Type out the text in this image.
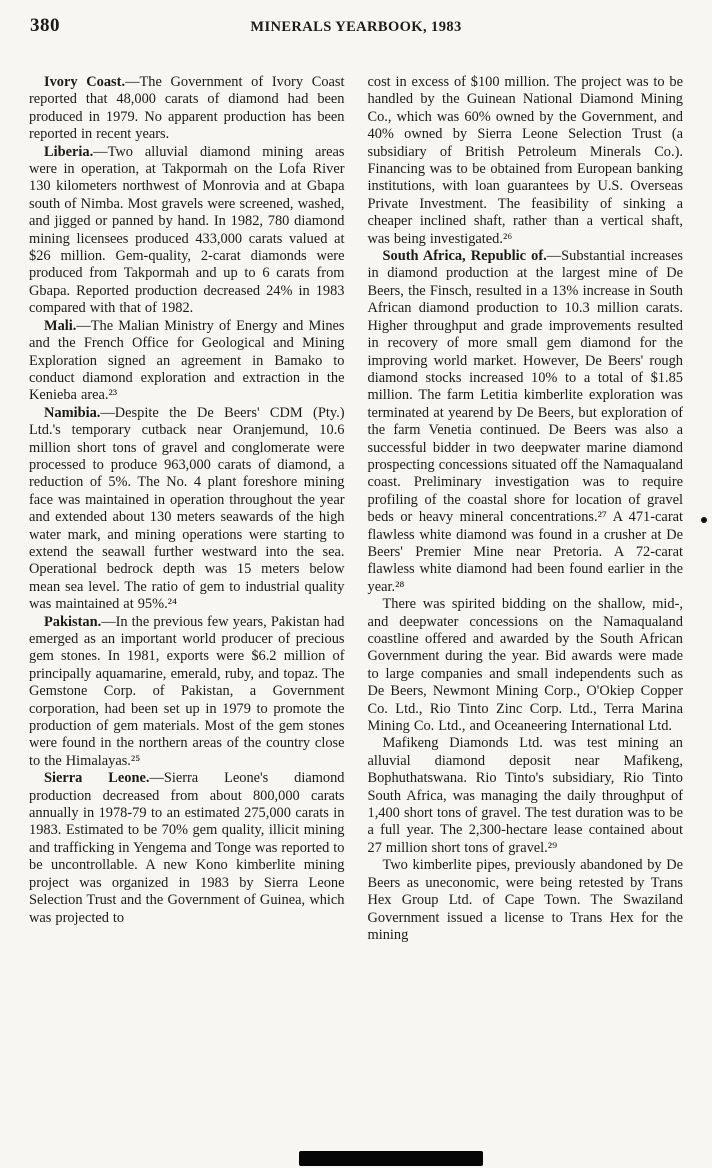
380	MINERALS YEARBOOK, 1983

Ivory Coast.—The Government of Ivory Coast reported that 48,000 carats of diamond had been produced in 1979. No apparent production has been reported in recent years.

Liberia.—Two alluvial diamond mining areas were in operation, at Takpormah on the Lofa River 130 kilometers northwest of Monrovia and at Gbapa south of Nimba. Most gravels were screened, washed, and jigged or panned by hand. In 1982, 780 diamond mining licensees produced 433,000 carats valued at $26 million. Gem-quality, 2-carat diamonds were produced from Takpormah and up to 6 carats from Gbapa. Reported production decreased 24% in 1983 compared with that of 1982.

Mali.—The Malian Ministry of Energy and Mines and the French Office for Geological and Mining Exploration signed an agreement in Bamako to conduct diamond exploration and extraction in the Kenieba area.²³

Namibia.—Despite the De Beers' CDM (Pty.) Ltd.'s temporary cutback near Oranjemund, 10.6 million short tons of gravel and conglomerate were processed to produce 963,000 carats of diamond, a reduction of 5%. The No. 4 plant foreshore mining face was maintained in operation throughout the year and extended about 130 meters seawards of the high water mark, and mining operations were starting to extend the seawall further westward into the sea. Operational bedrock depth was 15 meters below mean sea level. The ratio of gem to industrial quality was maintained at 95%.²⁴

Pakistan.—In the previous few years, Pakistan had emerged as an important world producer of precious gem stones. In 1981, exports were $6.2 million of principally aquamarine, emerald, ruby, and topaz. The Gemstone Corp. of Pakistan, a Government corporation, had been set up in 1979 to promote the production of gem materials. Most of the gem stones were found in the northern areas of the country close to the Himalayas.²⁵

Sierra Leone.—Sierra Leone's diamond production decreased from about 800,000 carats annually in 1978-79 to an estimated 275,000 carats in 1983. Estimated to be 70% gem quality, illicit mining and trafficking in Yengema and Tonge was reported to be uncontrollable. A new Kono kimberlite mining project was organized in 1983 by Sierra Leone Selection Trust and the Government of Guinea, which was projected to

cost in excess of $100 million. The project was to be handled by the Guinean National Diamond Mining Co., which was 60% owned by the Government, and 40% owned by Sierra Leone Selection Trust (a subsidiary of British Petroleum Minerals Co.). Financing was to be obtained from European banking institutions, with loan guarantees by U.S. Overseas Private Investment. The feasibility of sinking a cheaper inclined shaft, rather than a vertical shaft, was being investigated.²⁶

South Africa, Republic of.—Substantial increases in diamond production at the largest mine of De Beers, the Finsch, resulted in a 13% increase in South African diamond production to 10.3 million carats. Higher throughput and grade improvements resulted in recovery of more small gem diamond for the improving world market. However, De Beers' rough diamond stocks increased 10% to a total of $1.85 million. The farm Letitia kimberlite exploration was terminated at yearend by De Beers, but exploration of the farm Venetia continued. De Beers was also a successful bidder in two deepwater marine diamond prospecting concessions situated off the Namaqualand coast. Preliminary investigation was to require profiling of the coastal shore for location of gravel beds or heavy mineral concentrations.²⁷ A 471-carat flawless white diamond was found in a crusher at De Beers' Premier Mine near Pretoria. A 72-carat flawless white diamond had been found earlier in the year.²⁸

There was spirited bidding on the shallow, mid-, and deepwater concessions on the Namaqualand coastline offered and awarded by the South African Government during the year. Bid awards were made to large companies and small independents such as De Beers, Newmont Mining Corp., O'Okiep Copper Co. Ltd., Rio Tinto Zinc Corp. Ltd., Terra Marina Mining Co. Ltd., and Oceaneering International Ltd.

Mafikeng Diamonds Ltd. was test mining an alluvial diamond deposit near Mafikeng, Bophuthatswana. Rio Tinto's subsidiary, Rio Tinto South Africa, was managing the daily throughput of 1,400 short tons of gravel. The test duration was to be a full year. The 2,300-hectare lease contained about 27 million short tons of gravel.²⁹

Two kimberlite pipes, previously abandoned by De Beers as uneconomic, were being retested by Trans Hex Group Ltd. of Cape Town. The Swaziland Government issued a license to Trans Hex for the mining
